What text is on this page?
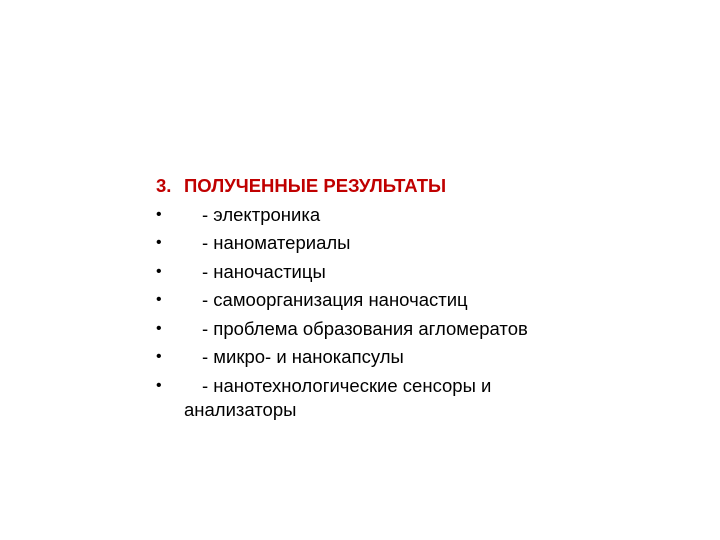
3. ПОЛУЧЕННЫЕ РЕЗУЛЬТАТЫ
•	- электроника
•	- наноматериалы
•	- наночастицы
•	- самоорганизация наночастиц
•	- проблема образования агломератов
•	- микро- и нанокапсулы
•	- нанотехнологические сенсоры и
анализаторы
